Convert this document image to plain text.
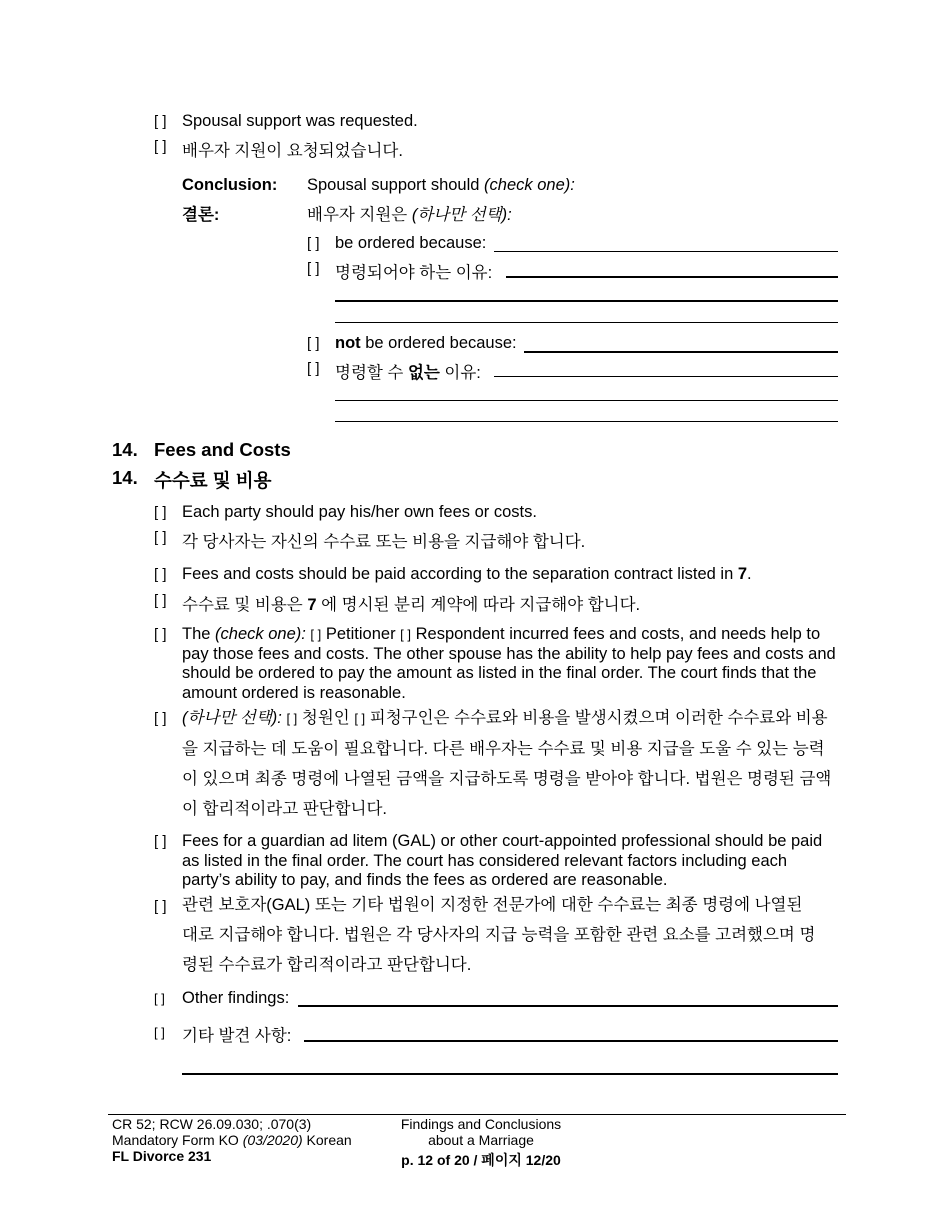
[ ] Spousal support was requested.
[ ] 배우자 지원이 요청되었습니다.
Conclusion:
결론:
Spousal support should (check one):
배우자 지원은 (하나만 선택):
[ ] be ordered because:
[ ] 명령되어야 하는 이유:
[ ] not be ordered because:
[ ] 명령할 수 없는 이유:
14. Fees and Costs
14. 수수료 및 비용
[ ] Each party should pay his/her own fees or costs.
[ ] 각 당사자는 자신의 수수료 또는 비용을 지급해야 합니다.
[ ] Fees and costs should be paid according to the separation contract listed in 7.
[ ] 수수료 및 비용은 7 에 명시된 분리 계약에 따라 지급해야 합니다.
[ ] The (check one): [ ] Petitioner [ ] Respondent incurred fees and costs, and needs help to pay those fees and costs. The other spouse has the ability to help pay fees and costs and should be ordered to pay the amount as listed in the final order. The court finds that the amount ordered is reasonable.
[ ] (하나만 선택): [ ] 청원인 [ ] 피청구인은 수수료와 비용을 발생시켰으며 이러한 수수료와 비용을 지급하는 데 도움이 필요합니다. 다른 배우자는 수수료 및 비용 지급을 도울 수 있는 능력이 있으며 최종 명령에 나열된 금액을 지급하도록 명령을 받아야 합니다. 법원은 명령된 금액이 합리적이라고 판단합니다.
[ ] Fees for a guardian ad litem (GAL) or other court-appointed professional should be paid as listed in the final order. The court has considered relevant factors including each party’s ability to pay, and finds the fees as ordered are reasonable.
[ ] 관련 보호자(GAL) 또는 기타 법원이 지정한 전문가에 대한 수수료는 최종 명령에 나열된 대로 지급해야 합니다. 법원은 각 당사자의 지급 능력을 포함한 관련 요소를 고려했으며 명령된 수수료가 합리적이라고 판단합니다.
[ ] Other findings:
[ ] 기타 발견 사항:
CR 52; RCW 26.09.030; .070(3)
Mandatory Form KO (03/2020) Korean
FL Divorce 231
Findings and Conclusions
about a Marriage
p. 12 of 20 / 페이지 12/20
